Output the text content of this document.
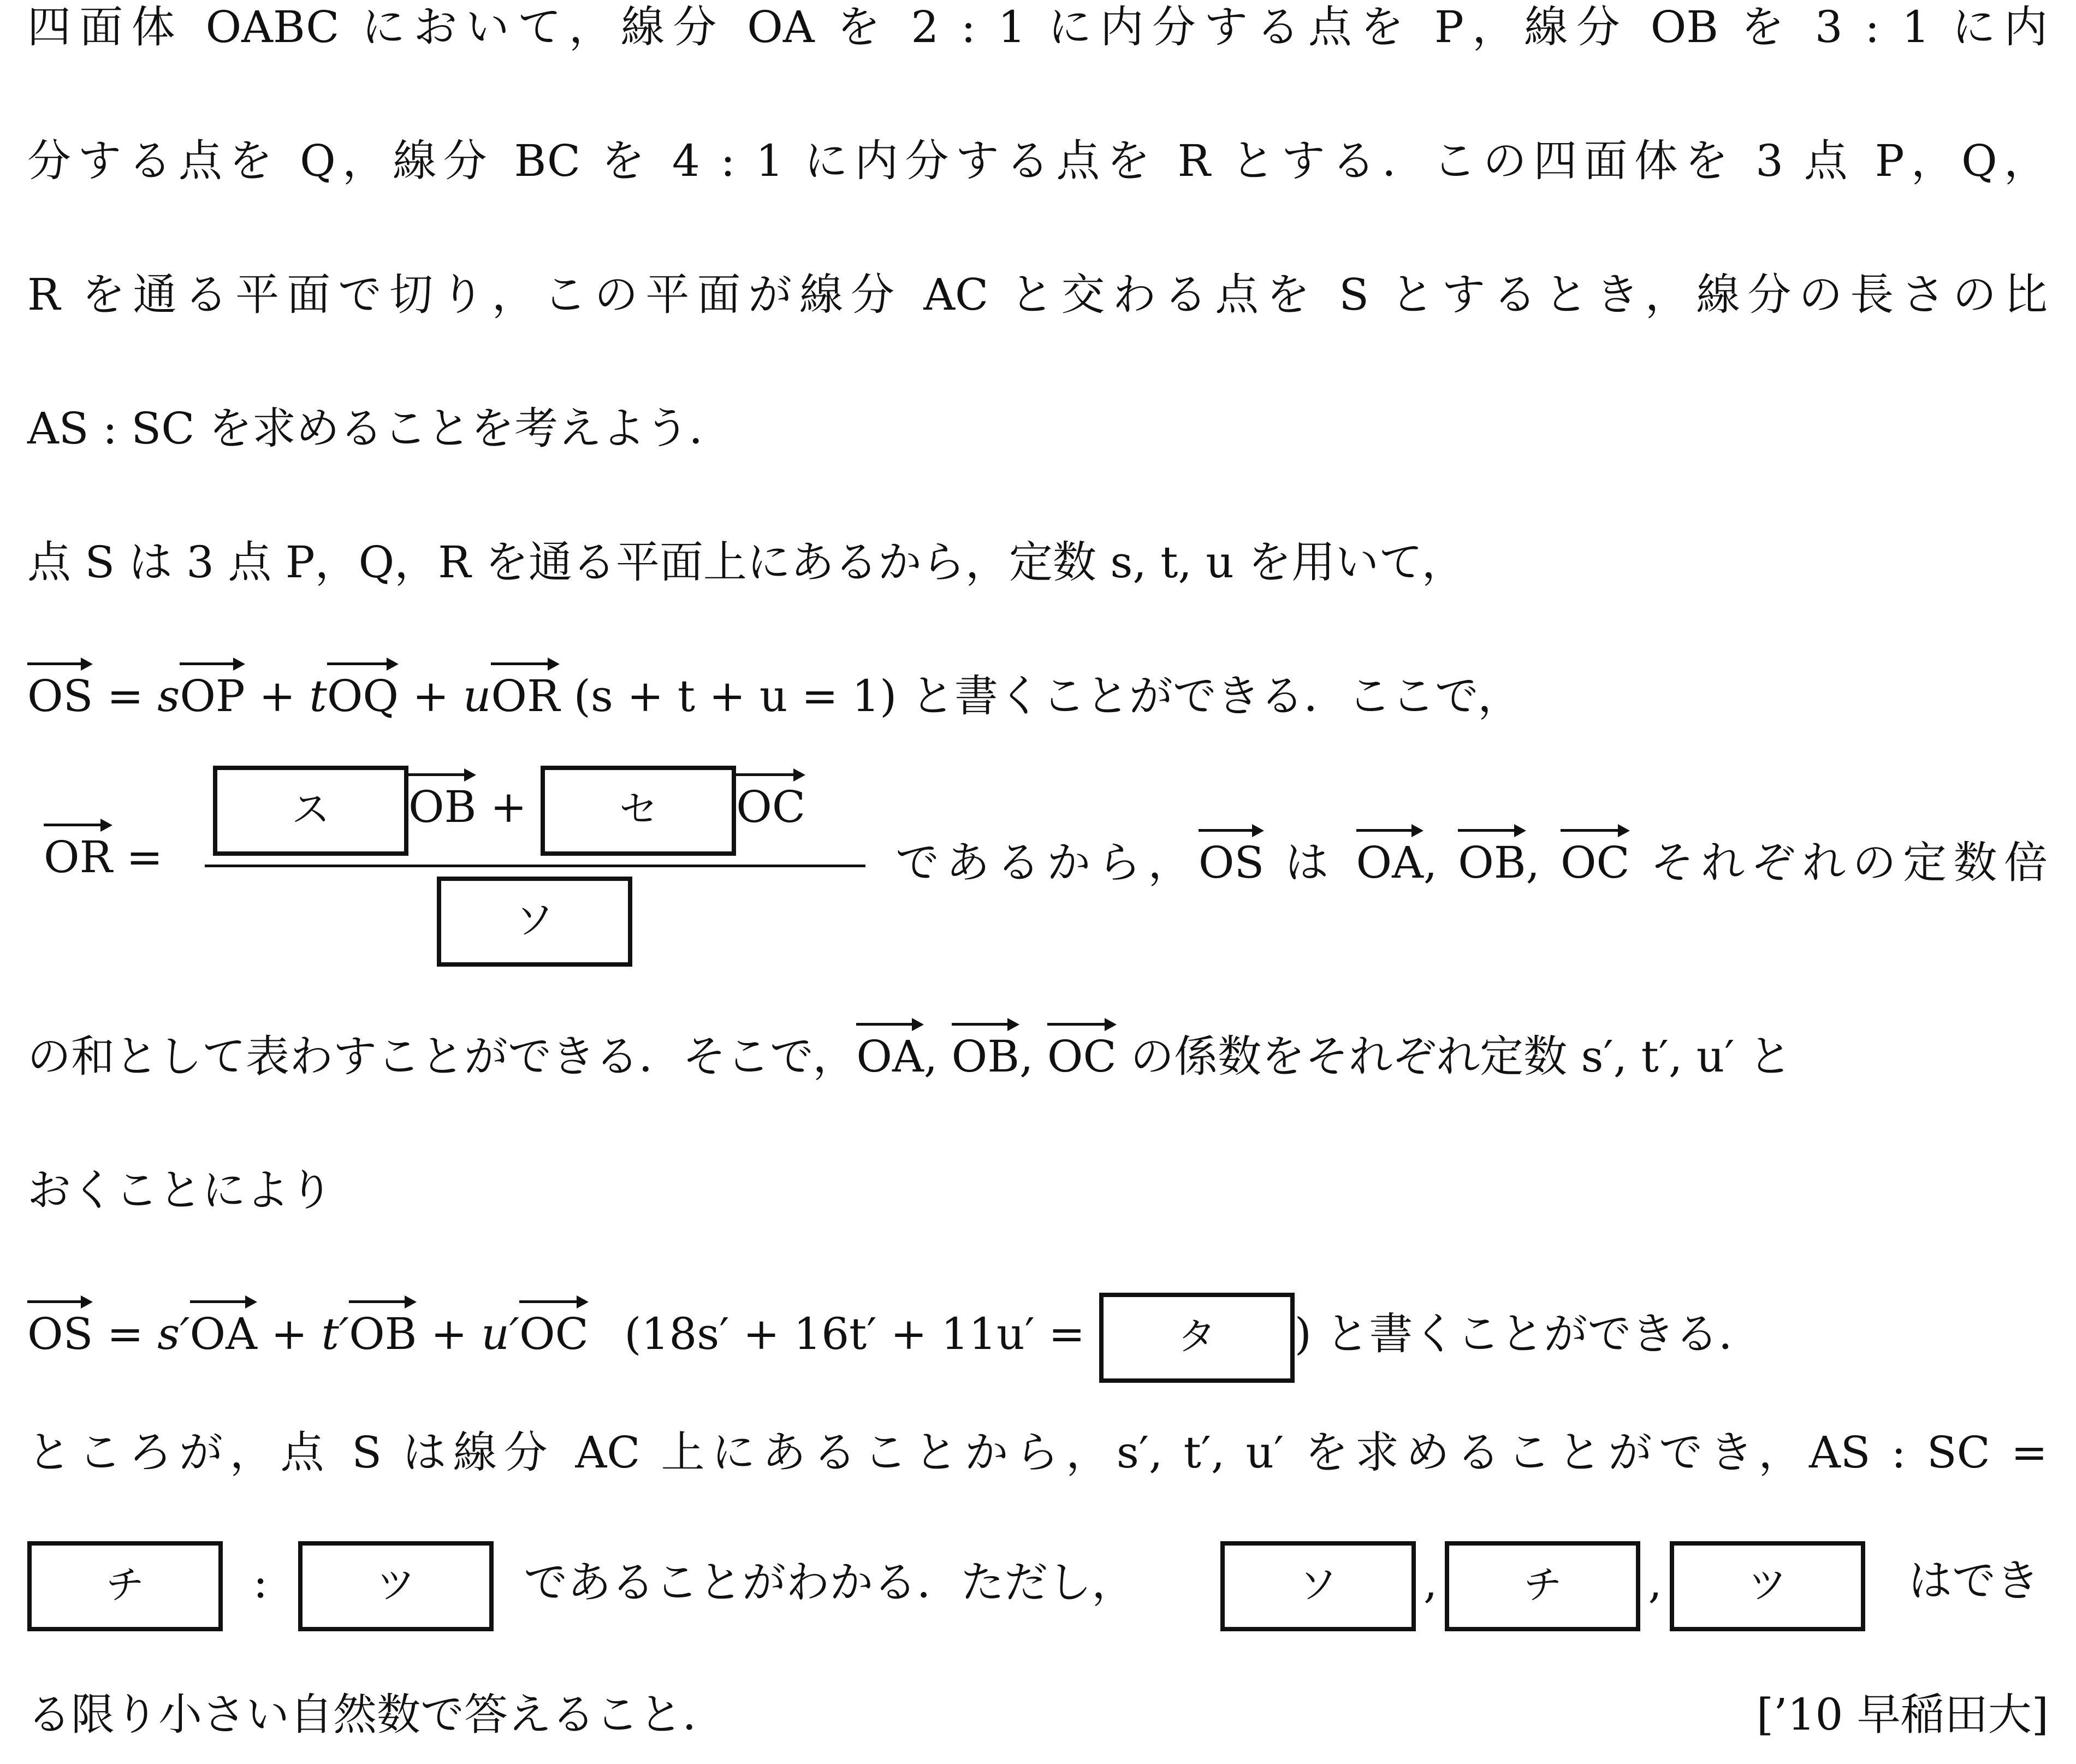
四面体 OABC において，線分 OA を 2 : 1 に内分する点を P，線分 OB を 3 : 1 に内
分する点を Q，線分 BC を 4 : 1 に内分する点を R とする．この四面体を 3 点 P，Q，
R を通る平面で切り，この平面が線分 AC と交わる点を S とするとき，線分の長さの比
AS : SC を求めることを考えよう．
点 S は 3 点 P，Q，R を通る平面上にあるから，定数 s, t, u を用いて，
OS = sOP + tOQ + uOR (s + t + u = 1) と書くことができる．ここで，
OR =
ス OB + セ OC
ソ
であるから，OS は OA, OB, OC それぞれの定数倍
の和として表わすことができる．そこで，OA, OB, OC の係数をそれぞれ定数 s′, t′, u′ と
おくことにより
OS = s′OA + t′OB + u′OC (18s′ + 16t′ + 11u′ = タ ) と書くことができる．
ところが，点 S は線分 AC 上にあることから，s′, t′, u′ を求めることができ，AS : SC =
チ :	ツ であることがわかる．ただし，	ソ , チ , ツ	はでき
る限り小さい自然数で答えること．	[’10 早稲田大]
